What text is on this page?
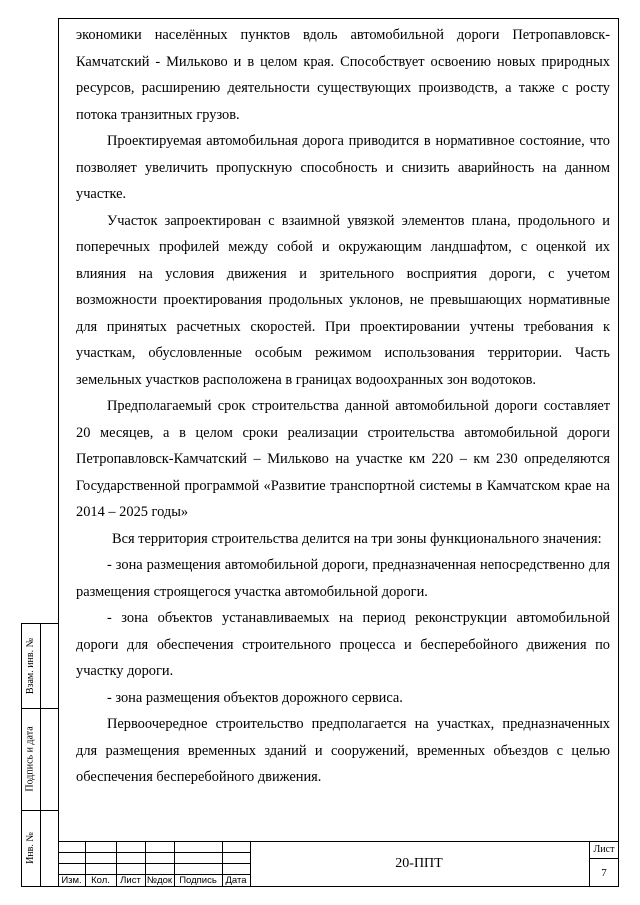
экономики населённых пунктов вдоль автомобильной дороги Петропавловск-Камчатский - Мильково и в целом края. Способствует освоению новых природных ресурсов, расширению деятельности существующих производств, а также с росту потока транзитных грузов.

Проектируемая автомобильная дорога приводится в нормативное состояние, что позволяет увеличить пропускную способность и снизить аварийность на данном участке.

Участок запроектирован с взаимной увязкой элементов плана, продольного и поперечных профилей между собой и окружающим ландшафтом, с оценкой их влияния на условия движения и зрительного восприятия дороги, с учетом возможности проектирования продольных уклонов, не превышающих нормативные для принятых расчетных скоростей. При проектировании учтены требования к участкам, обусловленные особым режимом использования территории. Часть земельных участков расположена в границах водоохранных зон водотоков.

Предполагаемый срок строительства данной автомобильной дороги составляет 20 месяцев, а в целом сроки реализации строительства автомобильной дороги Петропавловск-Камчатский – Мильково на участке км 220 – км 230 определяются Государственной программой «Развитие транспортной системы в Камчатском крае на 2014 – 2025 годы»

Вся территория строительства делится на три зоны функционального значения:

- зона размещения автомобильной дороги, предназначенная непосредственно для размещения строящегося участка автомобильной дороги.

- зона объектов устанавливаемых на период реконструкции автомобильной дороги для обеспечения строительного процесса и бесперебойного движения по участку дороги.

- зона размещения объектов дорожного сервиса.

Первоочередное строительство предполагается на участках, предназначенных для размещения временных зданий и сооружений, временных объездов с целью обеспечения бесперебойного движения.

Взам. инв. №
Подпись и дата
Инв. №
Изм. Кол.	Лист №док Подпись Дата
20-ППТ
Лист
7
